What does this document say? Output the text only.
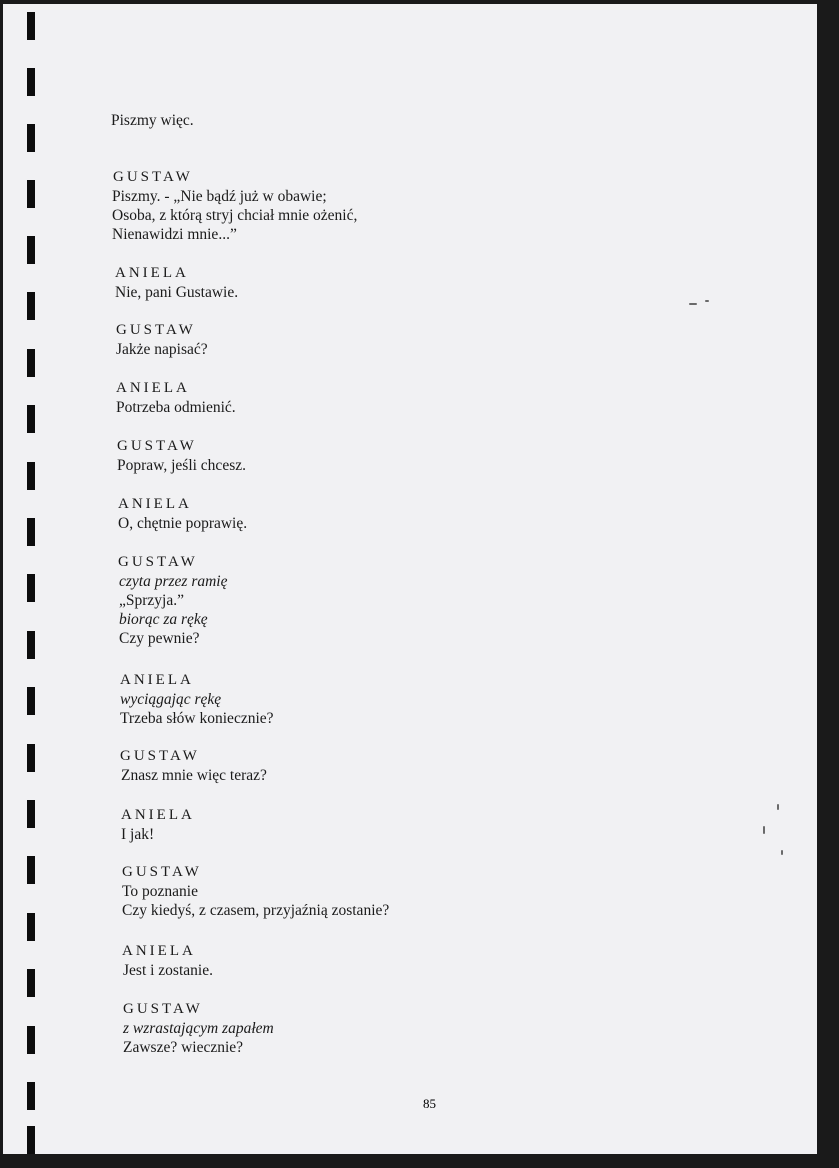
Piszmy więc.
GUSTAW
Piszmy. - „Nie bądź już w obawie;
Osoba, z którą stryj chciał mnie ożenić,
Nienawidzi mnie...”
ANIELA
Nie, pani Gustawie.
GUSTAW
Jakże napisać?
ANIELA
Potrzeba odmienić.
GUSTAW
Popraw, jeśli chcesz.
ANIELA
O, chętnie poprawię.
GUSTAW
czyta przez ramię
„Sprzyja.”
biorąc za rękę
Czy pewnie?
ANIELA
wyciągając rękę
Trzeba słów koniecznie?
GUSTAW
Znasz mnie więc teraz?
ANIELA
I jak!
GUSTAW
To poznanie
Czy kiedyś, z czasem, przyjaźnią zostanie?
ANIELA
Jest i zostanie.
GUSTAW
z wzrastającym zapałem
Zawsze? wiecznie?
85
